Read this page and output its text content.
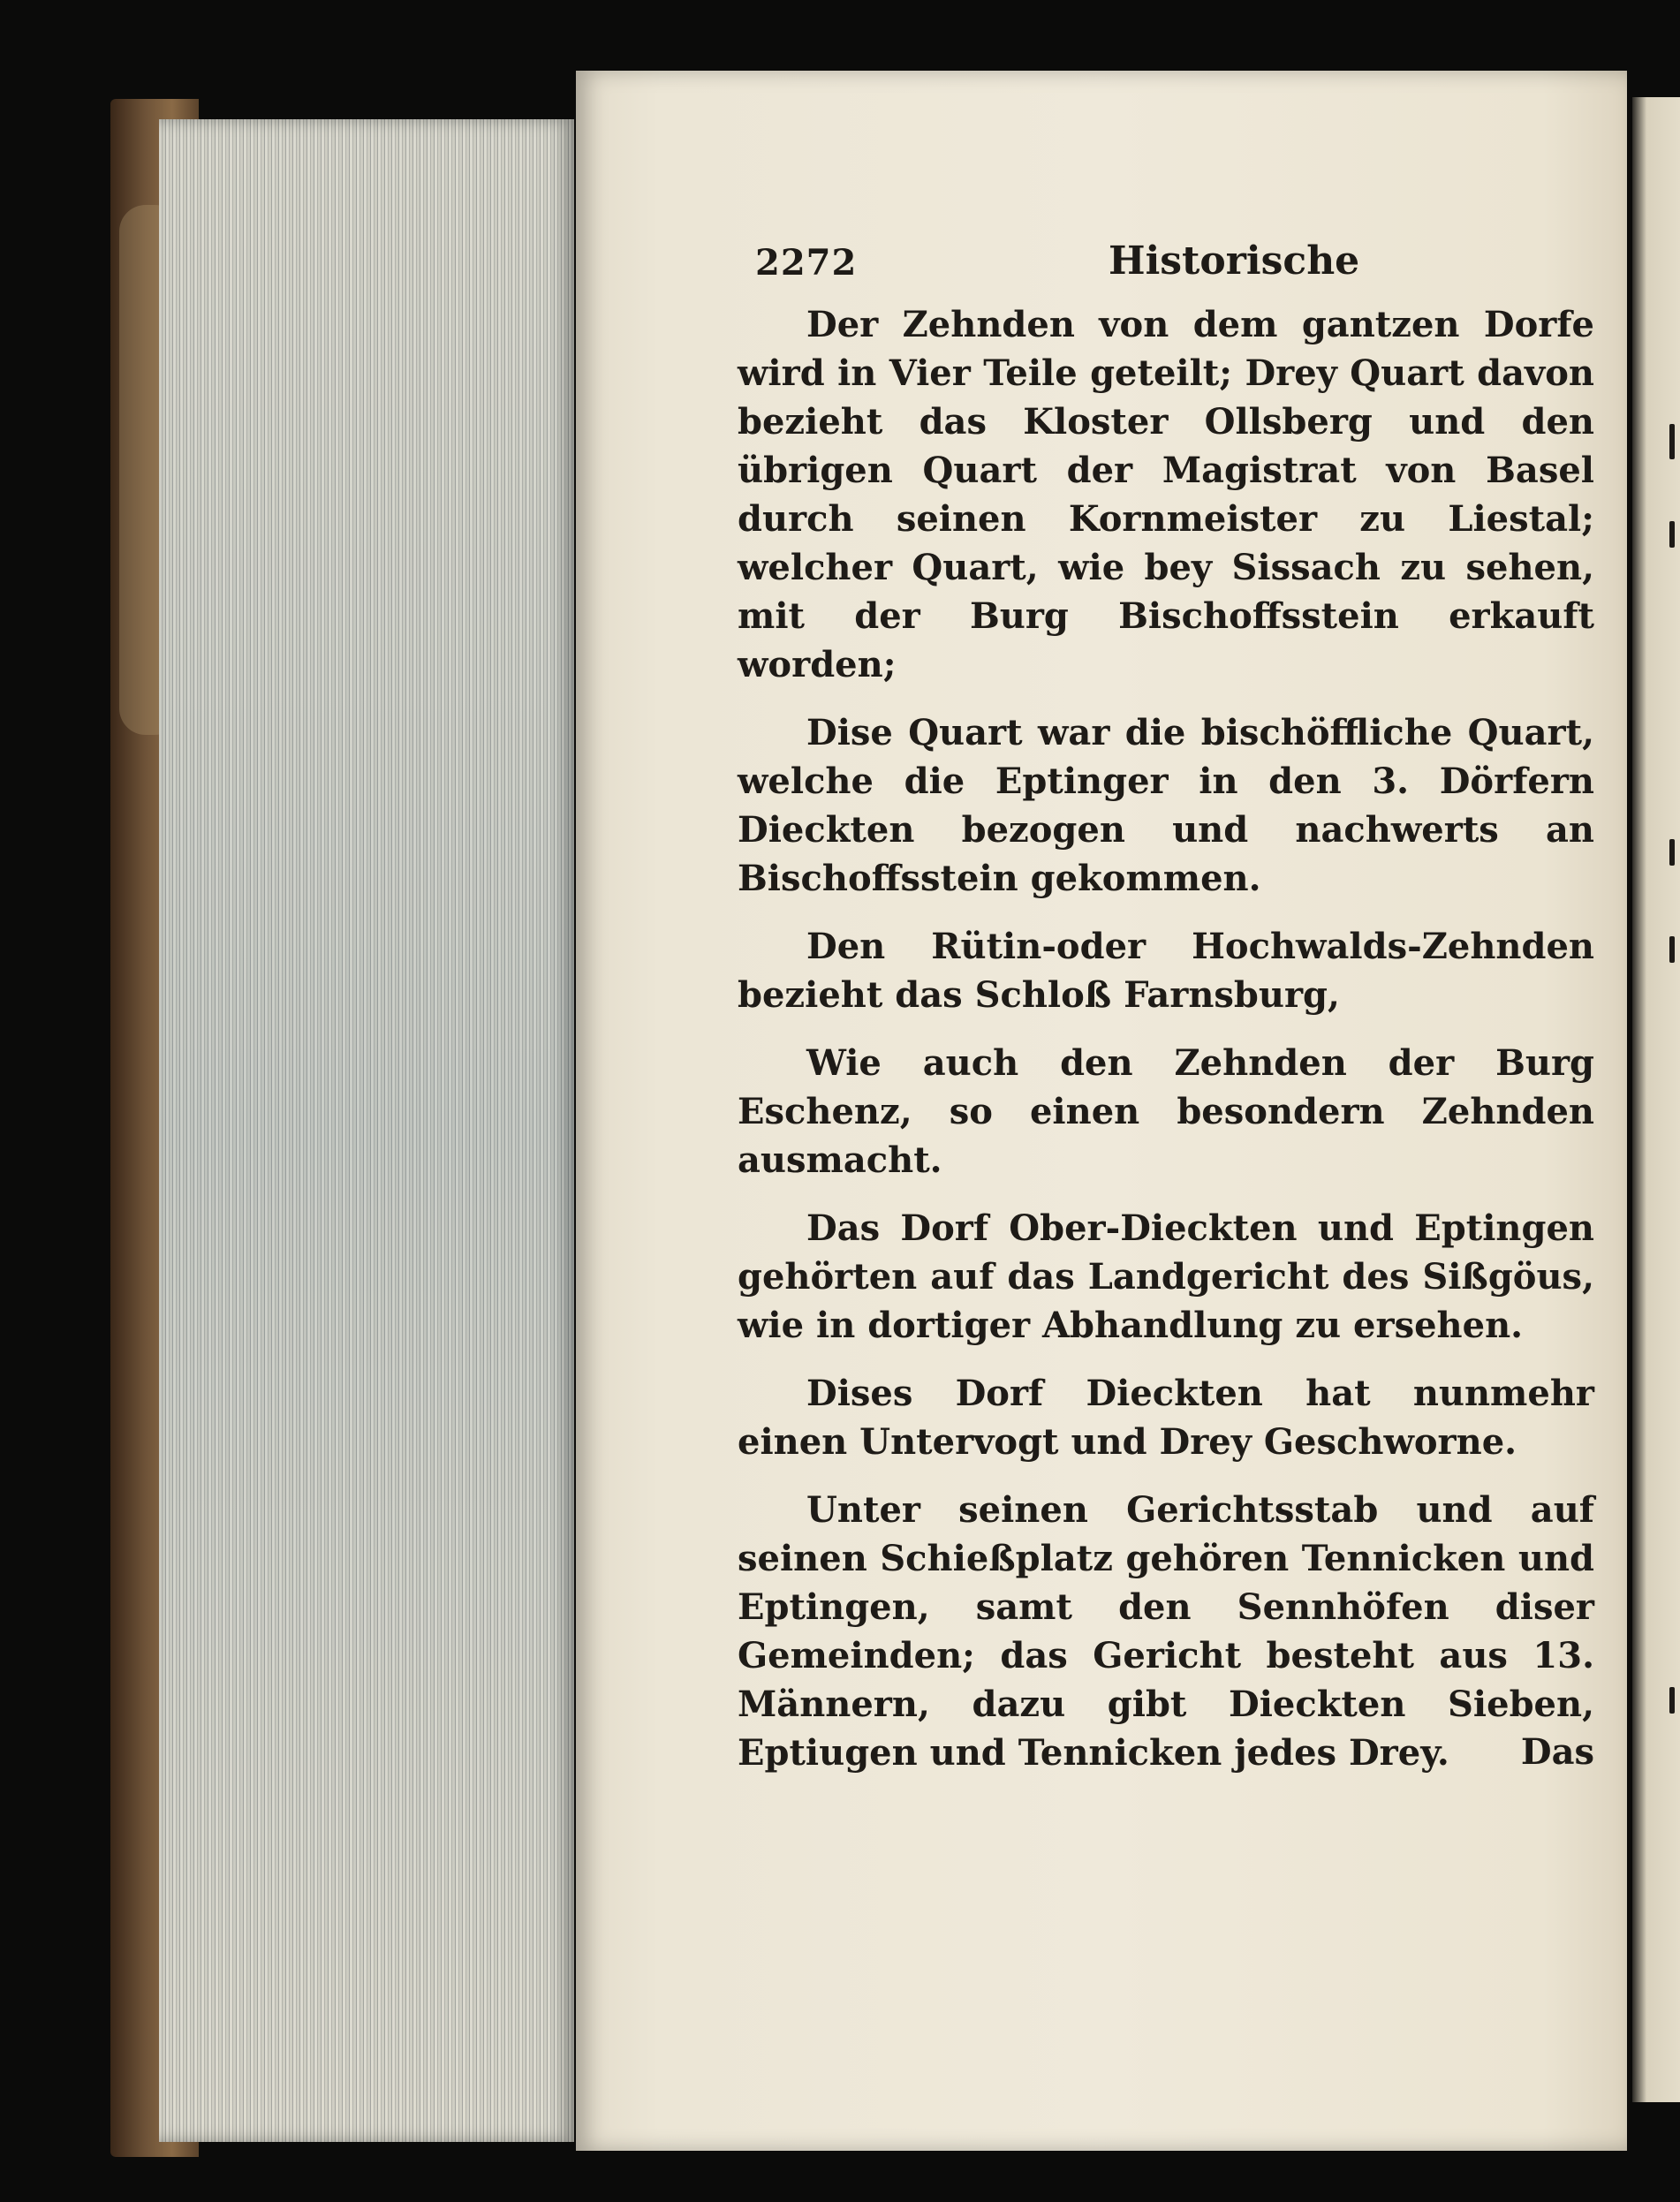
2272	Historische

Der Zehnden von dem gantzen Dorfe wird in Vier Teile geteilt; Drey Quart davon bezieht das Kloster Ollsberg und den übrigen Quart der Magistrat von Basel durch seinen Kornmeister zu Liestal; welcher Quart, wie bey Sissach zu sehen, mit der Burg Bischoffsstein erkauft worden;

Dise Quart war die bischöffliche Quart, welche die Eptinger in den 3. Dörfern Dieckten bezogen und nachwerts an Bischoffsstein gekommen.

Den Rütin-oder Hochwalds-Zehnden bezieht das Schloß Farnsburg,

Wie auch den Zehnden der Burg Eschenz, so einen besondern Zehnden ausmacht.

Das Dorf Ober-Dieckten und Eptingen gehörten auf das Landgericht des Sißgöus, wie in dortiger Abhandlung zu ersehen.

Dises Dorf Dieckten hat nunmehr einen Untervogt und Drey Geschworne.

Unter seinen Gerichtsstab und auf seinen Schießplatz gehören Tennicken und Eptingen, samt den Sennhöfen diser Gemeinden; das Gericht besteht aus 13. Männern, dazu gibt Dieckten Sieben, Eptiugen und Tennicken jedes Drey.	Das
